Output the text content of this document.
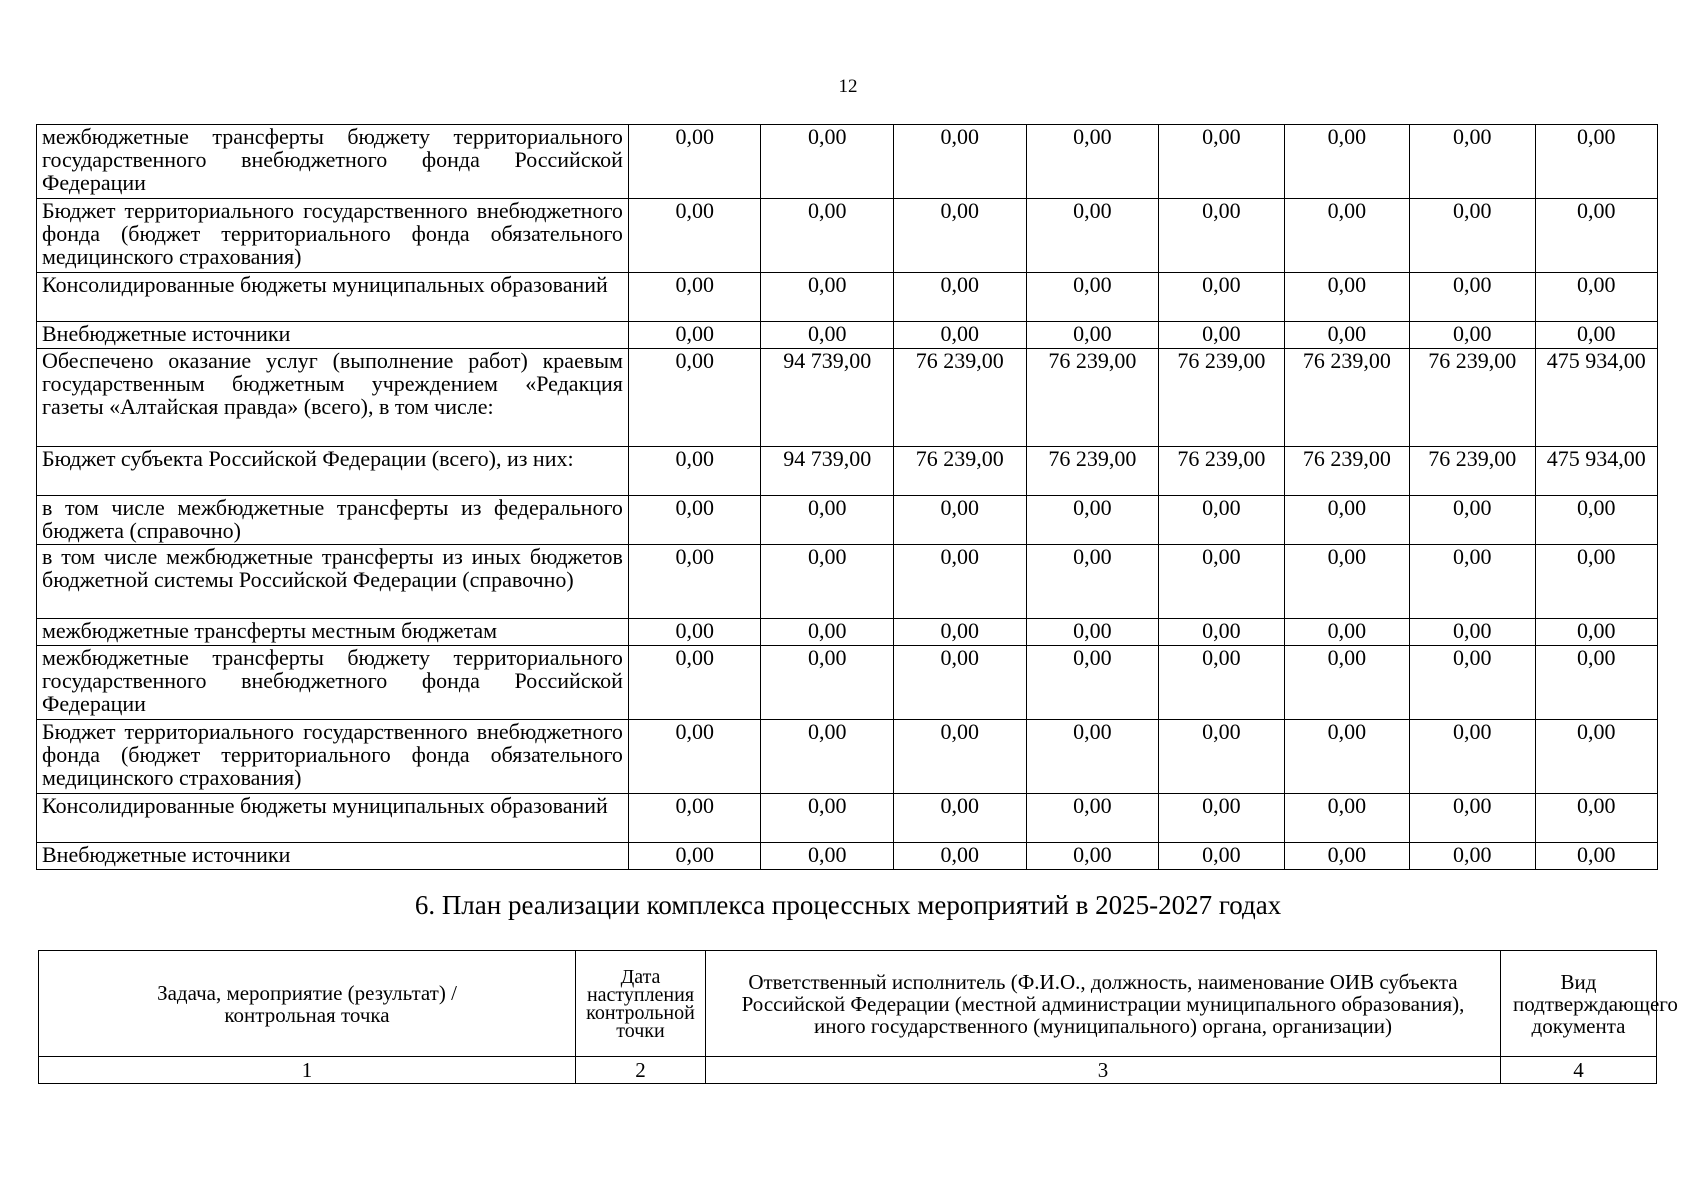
12
межбюджетные трансферты бюджету территориального государственного внебюджетного фонда Российской Федерации	0,00	0,00	0,00	0,00	0,00	0,00	0,00	0,00
Бюджет территориального государственного внебюджетного фонда (бюджет территориального фонда обязательного медицинского страхования)	0,00	0,00	0,00	0,00	0,00	0,00	0,00	0,00
Консолидированные бюджеты муниципальных образований	0,00	0,00	0,00	0,00	0,00	0,00	0,00	0,00
Внебюджетные источники	0,00	0,00	0,00	0,00	0,00	0,00	0,00	0,00
Обеспечено оказание услуг (выполнение работ) краевым государственным бюджетным учреждением «Редакция газеты «Алтайская правда» (всего), в том числе:	0,00	94 739,00	76 239,00	76 239,00	76 239,00	76 239,00	76 239,00	475 934,00
Бюджет субъекта Российской Федерации (всего), из них:	0,00	94 739,00	76 239,00	76 239,00	76 239,00	76 239,00	76 239,00	475 934,00
в том числе межбюджетные трансферты из федерального бюджета (справочно)	0,00	0,00	0,00	0,00	0,00	0,00	0,00	0,00
в том числе межбюджетные трансферты из иных бюджетов бюджетной системы Российской Федерации (справочно)	0,00	0,00	0,00	0,00	0,00	0,00	0,00	0,00
межбюджетные трансферты местным бюджетам	0,00	0,00	0,00	0,00	0,00	0,00	0,00	0,00
межбюджетные трансферты бюджету территориального государственного внебюджетного фонда Российской Федерации	0,00	0,00	0,00	0,00	0,00	0,00	0,00	0,00
Бюджет территориального государственного внебюджетного фонда (бюджет территориального фонда обязательного медицинского страхования)	0,00	0,00	0,00	0,00	0,00	0,00	0,00	0,00
Консолидированные бюджеты муниципальных образований	0,00	0,00	0,00	0,00	0,00	0,00	0,00	0,00
Внебюджетные источники	0,00	0,00	0,00	0,00	0,00	0,00	0,00	0,00
6. План реализации комплекса процессных мероприятий в 2025-2027 годах
Задача, мероприятие (результат) / контрольная точка	Дата наступления контрольной точки	Ответственный исполнитель (Ф.И.О., должность, наименование ОИВ субъекта Российской Федерации (местной администрации муниципального образования), иного государственного (муниципального) органа, организации)	Вид подтверждающего документа
1	2	3	4
